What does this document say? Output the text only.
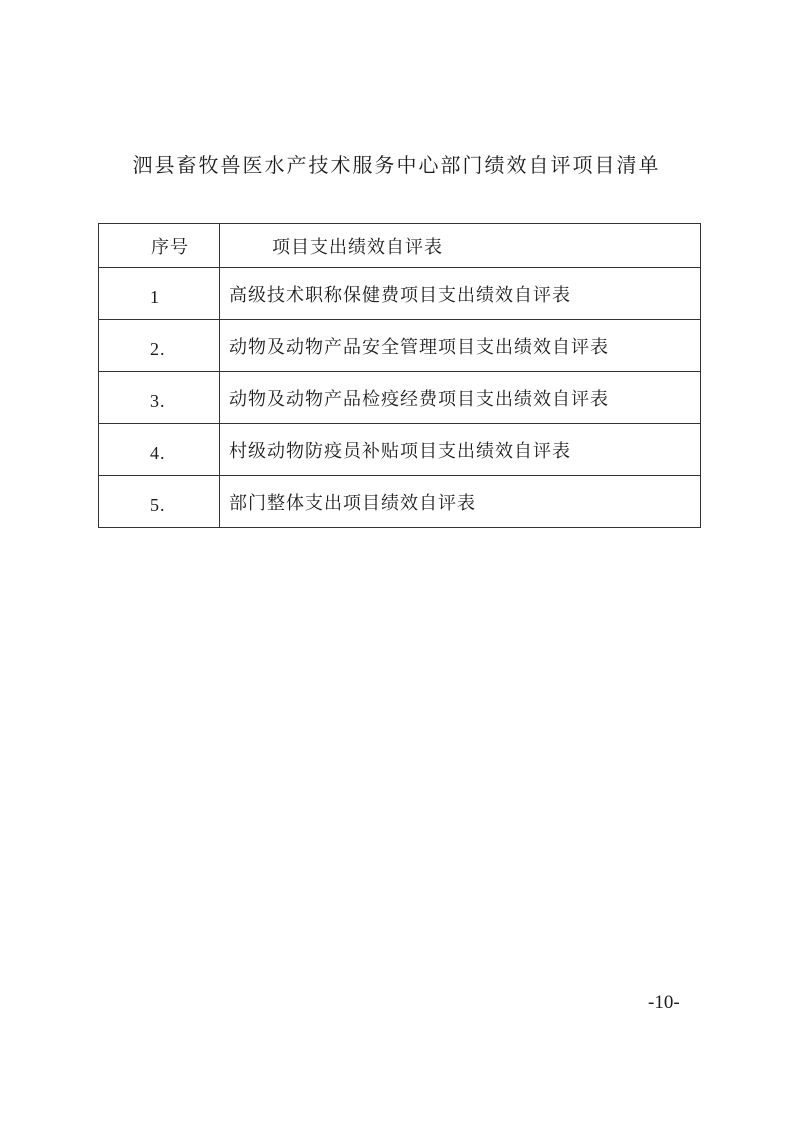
泗县畜牧兽医水产技术服务中心部门绩效自评项目清单
序号	项目支出绩效自评表
1	高级技术职称保健费项目支出绩效自评表
2.	动物及动物产品安全管理项目支出绩效自评表
3.	动物及动物产品检疫经费项目支出绩效自评表
4.	村级动物防疫员补贴项目支出绩效自评表
5.	部门整体支出项目绩效自评表

-10-
